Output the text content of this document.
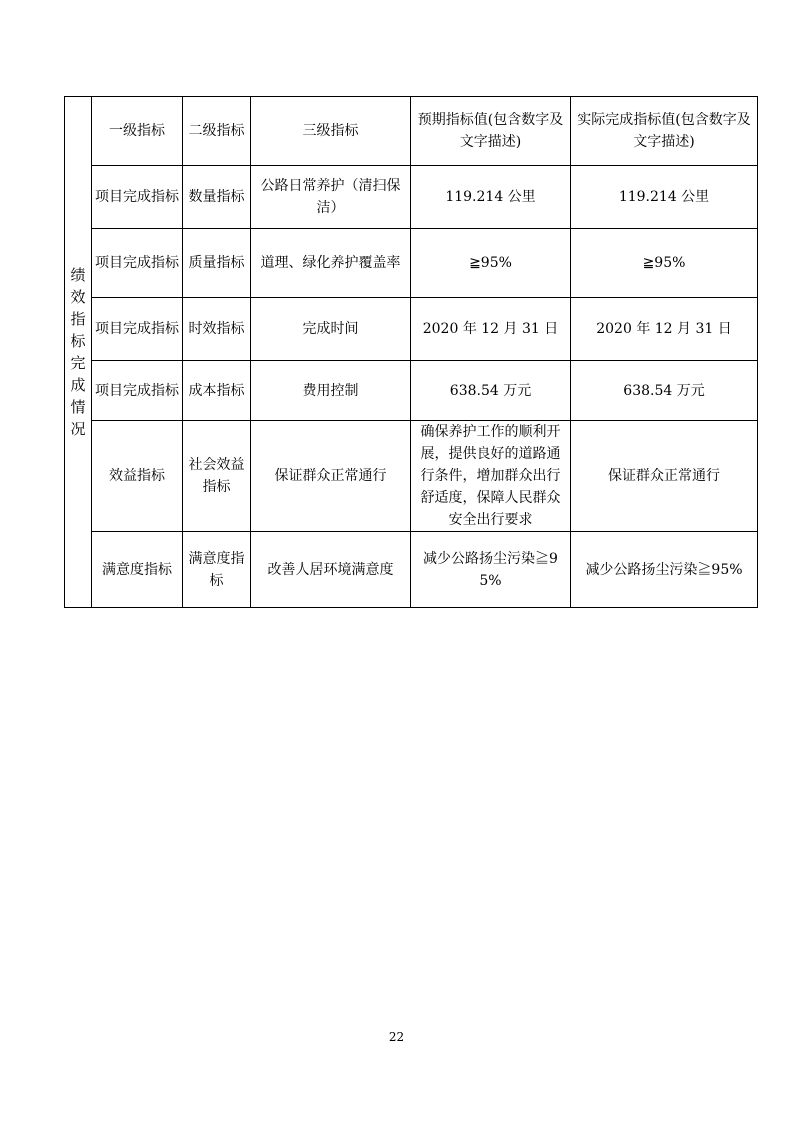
绩效指标完成情况	一级指标	二级指标	三级指标	预期指标值(包含数字及文字描述)	实际完成指标值(包含数字及文字描述)
	项目完成指标	数量指标	公路日常养护（清扫保洁）	119.214 公里	119.214 公里
	项目完成指标	质量指标	道理、绿化养护覆盖率	≧95%	≧95%
	项目完成指标	时效指标	完成时间	2020 年 12 月 31 日	2020 年 12 月 31 日
	项目完成指标	成本指标	费用控制	638.54 万元	638.54 万元
	效益指标	社会效益指标	保证群众正常通行	确保养护工作的顺利开展，提供良好的道路通行条件，增加群众出行舒适度，保障人民群众安全出行要求	保证群众正常通行
	满意度指标	满意度指标	改善人居环境满意度	减少公路扬尘污染≧95%	减少公路扬尘污染≧95%
22
